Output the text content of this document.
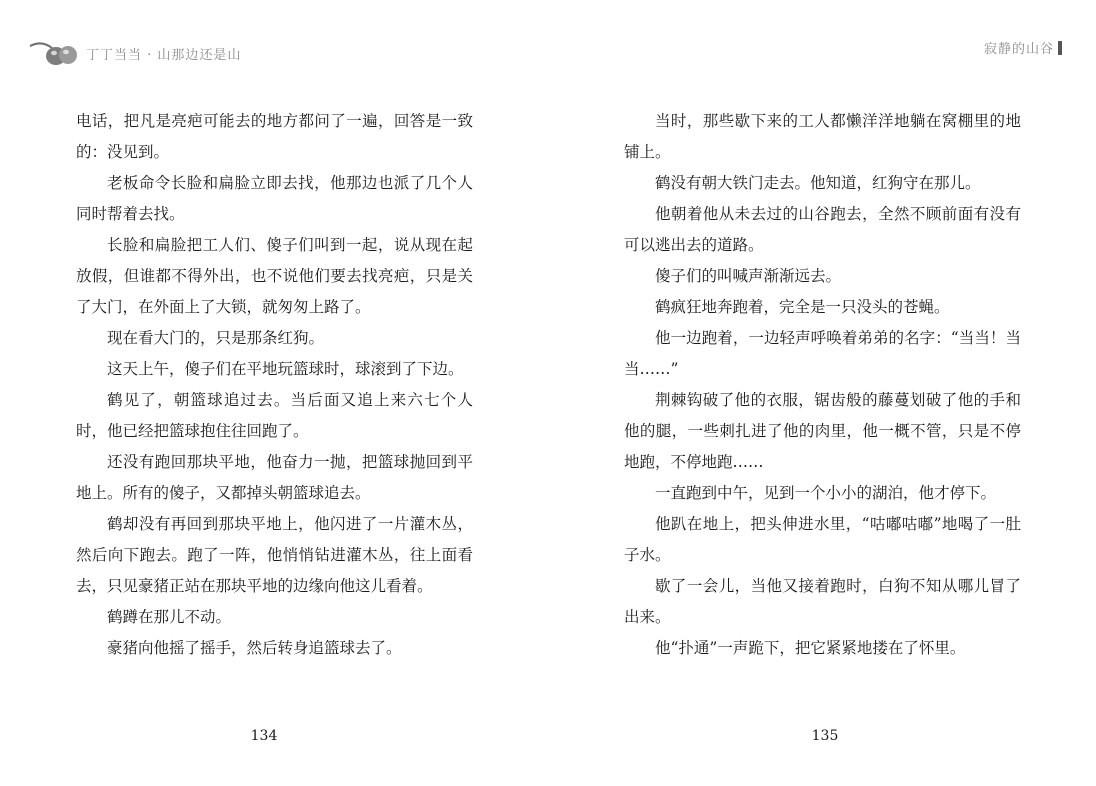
丁丁当当 · 山那边还是山

电话，把凡是亮疤可能去的地方都问了一遍，回答是一致的：没见到。

老板命令长脸和扁脸立即去找，他那边也派了几个人同时帮着去找。

长脸和扁脸把工人们、傻子们叫到一起，说从现在起放假，但谁都不得外出，也不说他们要去找亮疤，只是关了大门，在外面上了大锁，就匆匆上路了。

现在看大门的，只是那条红狗。

这天上午，傻子们在平地玩篮球时，球滚到了下边。

鹤见了，朝篮球追过去。当后面又追上来六七个人时，他已经把篮球抱住往回跑了。

还没有跑回那块平地，他奋力一抛，把篮球抛回到平地上。所有的傻子，又都掉头朝篮球追去。

鹤却没有再回到那块平地上，他闪进了一片灌木丛，然后向下跑去。跑了一阵，他悄悄钻进灌木丛，往上面看去，只见豪猪正站在那块平地的边缘向他这儿看着。

鹤蹲在那儿不动。

豪猪向他摇了摇手，然后转身追篮球去了。

134
寂静的山谷

当时，那些歇下来的工人都懒洋洋地躺在窝棚里的地铺上。

鹤没有朝大铁门走去。他知道，红狗守在那儿。

他朝着他从未去过的山谷跑去，全然不顾前面有没有可以逃出去的道路。

傻子们的叫喊声渐渐远去。

鹤疯狂地奔跑着，完全是一只没头的苍蝇。

他一边跑着，一边轻声呼唤着弟弟的名字：“当当！当当……”

荆棘钩破了他的衣服，锯齿般的藤蔓划破了他的手和他的腿，一些刺扎进了他的肉里，他一概不管，只是不停地跑，不停地跑……

一直跑到中午，见到一个小小的湖泊，他才停下。

他趴在地上，把头伸进水里，“咕嘟咕嘟”地喝了一肚子水。

歇了一会儿，当他又接着跑时，白狗不知从哪儿冒了出来。

他“扑通”一声跪下，把它紧紧地搂在了怀里。

135
